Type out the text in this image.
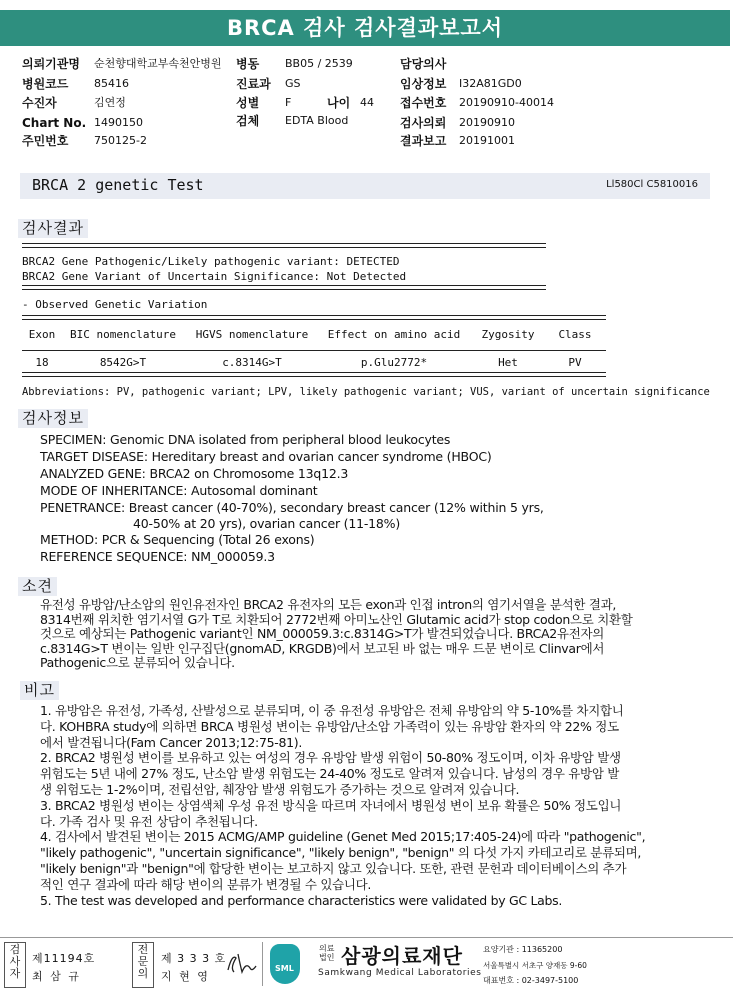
BRCA 검사 검사결과보고서
의뢰기관명 순천향대학교부속천안병원 병동 BB05 / 2539	담당의사
병원코드 85416	진료과 GS	임상정보 I32A81GD0
수진자	김연정	성별 F	나이 44 접수번호 20190910-40014
Chart No. 1490150	검체 EDTA Blood	검사의뢰 20190910
주민번호 750125-2	결과보고 20191001
BRCA 2 genetic Test	Ll580Cl C5810016
검사결과
BRCA2 Gene Pathogenic/Likely pathogenic variant: DETECTED
BRCA2 Gene Variant of Uncertain Significance: Not Detected
- Observed Genetic Variation
Exon	BIC nomenclature	HGVS nomenclature	Effect on amino acid	Zygosity	Class
18	8542G>T	c.8314G>T	p.Glu2772*	Het	PV
Abbreviations: PV, pathogenic variant; LPV, likely pathogenic variant; VUS, variant of uncertain significance
검사정보
SPECIMEN: Genomic DNA isolated from peripheral blood leukocytes
TARGET DISEASE: Hereditary breast and ovarian cancer syndrome (HBOC)
ANALYZED GENE: BRCA2 on Chromosome 13q12.3
MODE OF INHERITANCE: Autosomal dominant
PENETRANCE: Breast cancer (40-70%), secondary breast cancer (12% within 5 yrs,
40-50% at 20 yrs), ovarian cancer (11-18%)
METHOD: PCR & Sequencing (Total 26 exons)
REFERENCE SEQUENCE: NM_000059.3
소견
유전성 유방암/난소암의 원인유전자인 BRCA2 유전자의 모든 exon과 인접 intron의 염기서열을 분석한 결과,
8314번째 위치한 염기서열 G가 T로 치환되어 2772번째 아미노산인 Glutamic acid가 stop codon으로 치환할
것으로 예상되는 Pathogenic variant인 NM_000059.3:c.8314G>T가 발견되었습니다. BRCA2유전자의
c.8314G>T 변이는 일반 인구집단(gnomAD, KRGDB)에서 보고된 바 없는 매우 드문 변이로 Clinvar에서
Pathogenic으로 분류되어 있습니다.
비고
1. 유방암은 유전성, 가족성, 산발성으로 분류되며, 이 중 유전성 유방암은 전체 유방암의 약 5-10%를 차지합니
다. KOHBRA study에 의하면 BRCA 병원성 변이는 유방암/난소암 가족력이 있는 유방암 환자의 약 22% 정도
에서 발견됩니다(Fam Cancer 2013;12:75-81).
2. BRCA2 병원성 변이를 보유하고 있는 여성의 경우 유방암 발생 위험이 50-80% 정도이며, 이차 유방암 발생
위험도는 5년 내에 27% 정도, 난소암 발생 위험도는 24-40% 정도로 알려져 있습니다. 남성의 경우 유방암 발
생 위험도는 1-2%이며, 전립선암, 췌장암 발생 위험도가 증가하는 것으로 알려져 있습니다.
3. BRCA2 병원성 변이는 상염색체 우성 유전 방식을 따르며 자녀에서 병원성 변이 보유 확률은 50% 정도입니
다. 가족 검사 및 유전 상담이 추천됩니다.
4. 검사에서 발견된 변이는 2015 ACMG/AMP guideline (Genet Med 2015;17:405-24)에 따라 "pathogenic",
"likely pathogenic", "uncertain significance", "likely benign", "benign" 의 다섯 가지 카테고리로 분류되며,
"likely benign"과 "benign"에 합당한 변이는 보고하지 않고 있습니다. 또한, 관련 문헌과 데이터베이스의 추가
적인 연구 결과에 따라 해당 변이의 분류가 변경될 수 있습니다.
5. The test was developed and performance characteristics were validated by GC Labs.
검사자
제11194호
최 삼 규
전문의
제 3 3 3 호
지 현 영
SML
의료법인 삼광의료재단
Samkwang Medical Laboratories
요양기관 : 11365200
서울특별시 서초구 양재동 9-60
대표번호 : 02-3497-5100
